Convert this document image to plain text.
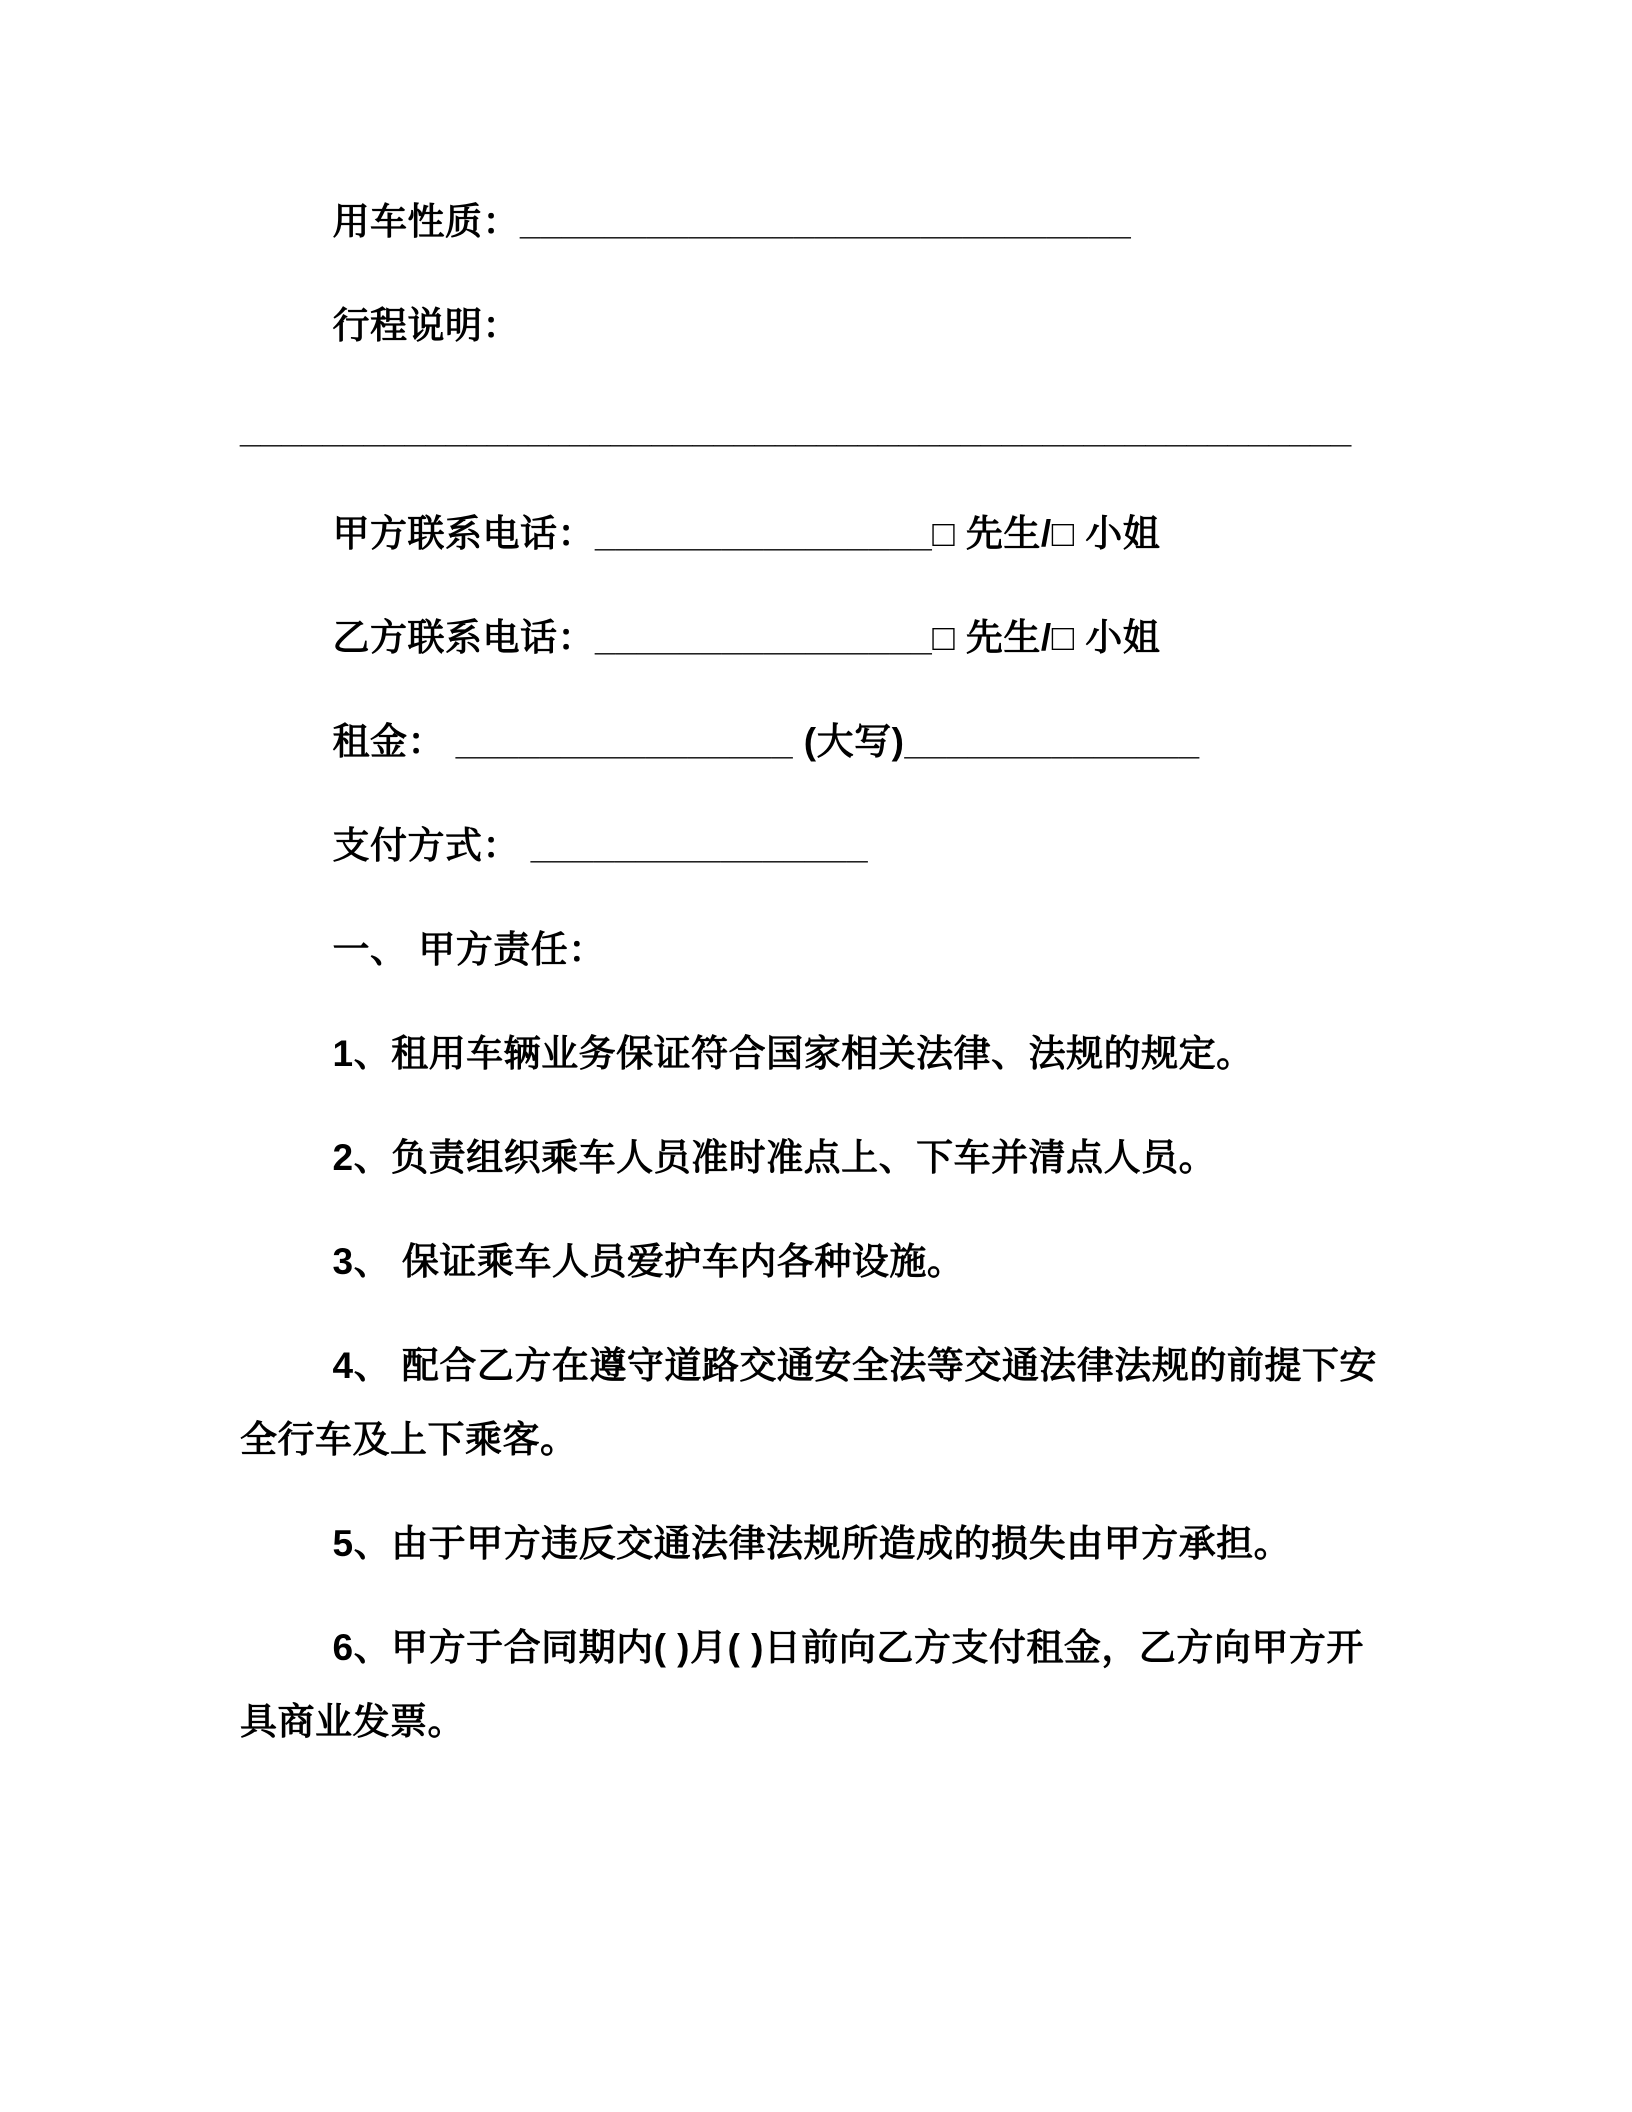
用车性质：_____________________________

行程说明：

______________________________________________________

甲方联系电话：________________□ 先生/□ 小姐

乙方联系电话：________________□ 先生/□ 小姐

租金： ________________ (大写)______________

支付方式： ________________

一、 甲方责任：

1、租用车辆业务保证符合国家相关法律、法规的规定。

2、负责组织乘车人员准时准点上、下车并清点人员。

3、 保证乘车人员爱护车内各种设施。

4、 配合乙方在遵守道路交通安全法等交通法律法规的前提下安全行车及上下乘客。

5、由于甲方违反交通法律法规所造成的损失由甲方承担。

6、甲方于合同期内( )月( )日前向乙方支付租金，乙方向甲方开具商业发票。
